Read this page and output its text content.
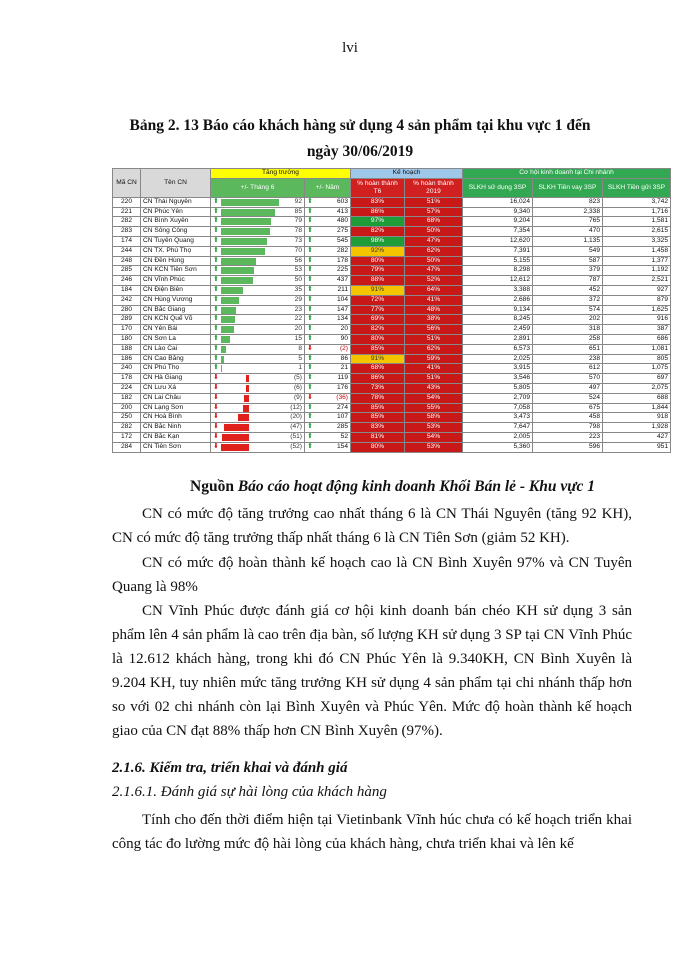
lvi
Bảng 2. 13 Báo cáo khách hàng sử dụng 4 sản phẩm tại khu vực 1 đến
ngày 30/06/2019
Mã CN	Tên CN	Tăng trưởng		Kế hoạch		Cơ hội kinh doanh tại Chi nhánh		
		+/- Tháng 6	+/- Năm	% hoàn thành T6	% hoàn thành 2019	SLKH sử dụng 3SP	SLKH Tiền vay 3SP	SLKH Tiền gửi 3SP
220	CN Thái Nguyên	⬆ 92	⬆ 603	83%	51%	16,024	823	3,742
221	CN Phúc Yên	⬆ 85	⬆ 413	86%	57%	9,340	2,338	1,716
282	CN Bình Xuyên	⬆ 79	⬆ 480	97%	68%	9,204	765	1,581
283	CN Sông Công	⬆ 78	⬆ 275	82%	50%	7,354	470	2,615
174	CN Tuyên Quang	⬆ 73	⬆ 545	98%	47%	12,620	1,135	3,325
244	CN TX. Phú Thọ	⬆ 70	⬆ 282	92%	62%	7,391	549	1,458
248	CN Đền Hùng	⬆ 56	⬆ 178	80%	50%	5,155	587	1,377
285	CN KCN Tiên Sơn	⬆ 53	⬆ 225	79%	47%	8,298	379	1,192
246	CN Vĩnh Phúc	⬆ 50	⬆ 437	88%	52%	12,612	787	2,521
184	CN Điện Biên	⬆ 35	⬆ 211	91%	64%	3,388	452	927
242	CN Hùng Vương	⬆ 29	⬆ 104	72%	41%	2,686	372	879
280	CN Bắc Giang	⬆ 23	⬆ 147	77%	48%	9,134	574	1,625
289	CN KCN Quế Võ	⬆ 22	⬆ 134	69%	38%	8,245	202	916
170	CN Yên Bái	⬆ 20	⬆ 20	82%	56%	2,459	318	387
180	CN Sơn La	⬆ 15	⬆ 90	80%	51%	2,891	258	686
188	CN Lào Cai	⬆ 8	⬇ (2)	85%	62%	6,573	651	1,081
186	CN Cao Bằng	⬆ 5	⬆ 86	91%	59%	2,025	238	805
240	CN Phú Thọ	⬆ 1	⬆ 21	68%	41%	3,915	612	1,075
178	CN Hà Giang	⬇ (5)	⬆ 119	86%	51%	3,546	570	697
224	CN Lưu Xá	⬇ (6)	⬆ 176	73%	43%	5,805	497	2,075
182	CN Lai Châu	⬇ (9)	⬇ (36)	78%	54%	2,709	524	688
200	CN Lạng Sơn	⬇ (12)	⬆ 274	85%	55%	7,058	675	1,844
250	CN Hoà Bình	⬇ (20)	⬆ 107	85%	58%	3,473	458	918
282	CN Bắc Ninh	⬇ (47)	⬆ 285	83%	53%	7,647	798	1,928
172	CN Bắc Kạn	⬇ (51)	⬆ 52	81%	54%	2,005	223	427
284	CN Tiên Sơn	⬇ (52)	⬆ 154	80%	53%	5,360	596	951
Nguồn Báo cáo hoạt động kinh doanh Khối Bán lẻ - Khu vực 1
CN có mức độ tăng trưởng cao nhất tháng 6 là CN Thái Nguyên (tăng 92 KH), CN có mức độ tăng trưởng thấp nhất tháng 6 là CN Tiên Sơn (giảm 52 KH).
CN có mức độ hoàn thành kế hoạch cao là CN Bình Xuyên 97% và CN Tuyên Quang là 98%
CN Vĩnh Phúc được đánh giá cơ hội kinh doanh bán chéo KH sử dụng 3 sản phẩm lên 4 sản phẩm là cao trên địa bàn, số lượng KH sử dụng 3 SP tại CN Vĩnh Phúc là 12.612 khách hàng, trong khi đó CN Phúc Yên là 9.340KH, CN Bình Xuyên là 9.204 KH, tuy nhiên mức tăng trưởng KH sử dụng 4 sản phẩm tại chi nhánh thấp hơn so với 02 chi nhánh còn lại Bình Xuyên và Phúc Yên. Mức độ hoàn thành kế hoạch giao của CN đạt 88% thấp hơn CN Bình Xuyên (97%).
2.1.6. Kiểm tra, triển khai và đánh giá
2.1.6.1. Đánh giá sự hài lòng của khách hàng
Tính cho đến thời điểm hiện tại Vietinbank Vĩnh húc chưa có kế hoạch triển khai công tác đo lường mức độ hài lòng của khách hàng, chưa triển khai và lên kế
